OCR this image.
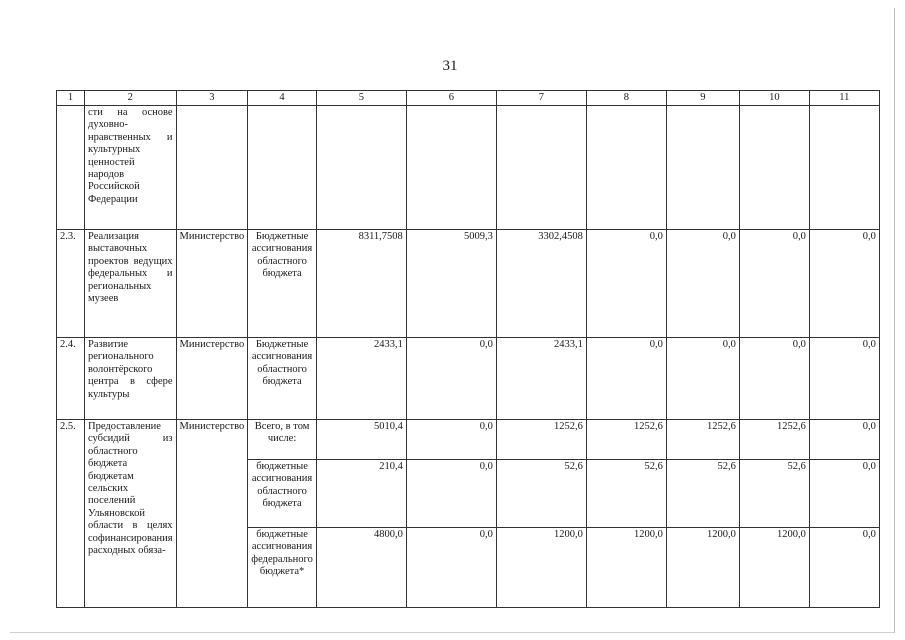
31
1	2	3	4	5	6	7	8	9	10	11
	сти на основе духовно-нравственных и культурных ценностей народов Российской Федерации									
2.3.	Реализация выставочных проектов ведущих федеральных и региональных музеев	Министерство	Бюджетные ассигнования областного бюджета	8311,7508	5009,3	3302,4508	0,0	0,0	0,0	0,0
2.4.	Развитие регионального волонтёрского центра в сфере культуры	Министерство	Бюджетные ассигнования областного бюджета	2433,1	0,0	2433,1	0,0	0,0	0,0	0,0
2.5.	Предоставление субсидий из областного бюджета бюджетам сельских поселений Ульяновской области в целях софинансирования расходных обяза-	Министерство	Всего, в том числе:	5010,4	0,0	1252,6	1252,6	1252,6	1252,6	0,0
			бюджетные ассигнования областного бюджета	210,4	0,0	52,6	52,6	52,6	52,6	0,0
			бюджетные ассигнования федерального бюджета*	4800,0	0,0	1200,0	1200,0	1200,0	1200,0	0,0
